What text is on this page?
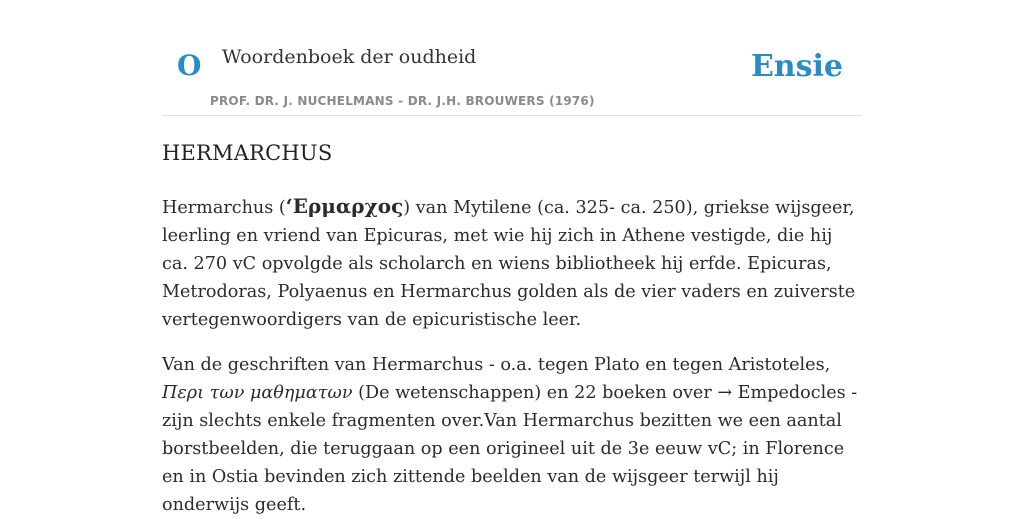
O Woordenboek der oudheid
PROF. DR. J. NUCHELMANS - DR. J.H. BROUWERS (1976)
Ensie
HERMARCHUS

Hermarchus (‘Ερμαρχος) van Mytilene (ca. 325- ca. 250), griekse wijsgeer, leerling en vriend van Epicuras, met wie hij zich in Athene vestigde, die hij ca. 270 vC opvolgde als scholarch en wiens bibliotheek hij erfde. Epicuras, Metrodoras, Polyaenus en Hermarchus golden als de vier vaders en zuiverste vertegenwoordigers van de epicuristische leer.

Van de geschriften van Hermarchus - o.a. tegen Plato en tegen Aristoteles, Περι των μαθηματων (De wetenschappen) en 22 boeken over → Empedocles - zijn slechts enkele fragmenten over.Van Hermarchus bezitten we een aantal borstbeelden, die teruggaan op een origineel uit de 3e eeuw vC; in Florence en in Ostia bevinden zich zittende beelden van de wijsgeer terwijl hij onderwijs geeft.
